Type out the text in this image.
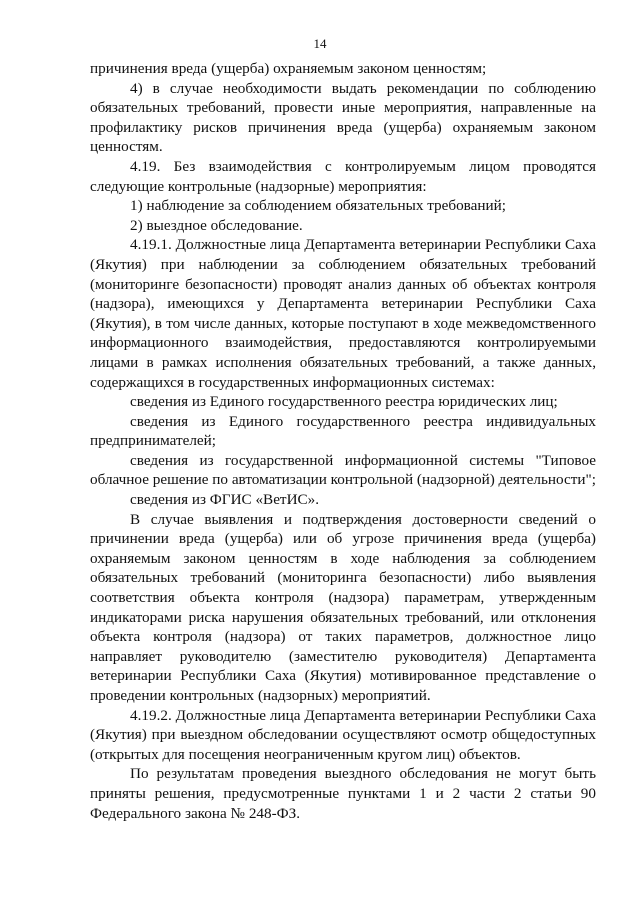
14

причинения вреда (ущерба) охраняемым законом ценностям;

4) в случае необходимости выдать рекомендации по соблюдению обязательных требований, провести иные мероприятия, направленные на профилактику рисков причинения вреда (ущерба) охраняемым законом ценностям.

4.19. Без взаимодействия с контролируемым лицом проводятся следующие контрольные (надзорные) мероприятия:

1) наблюдение за соблюдением обязательных требований;

2) выездное обследование.

4.19.1. Должностные лица Департамента ветеринарии Республики Саха (Якутия) при наблюдении за соблюдением обязательных требований (мониторинге безопасности) проводят анализ данных об объектах контроля (надзора), имеющихся у Департамента ветеринарии Республики Саха (Якутия), в том числе данных, которые поступают в ходе межведомственного информационного взаимодействия, предоставляются контролируемыми лицами в рамках исполнения обязательных требований, а также данных, содержащихся в государственных информационных системах:

сведения из Единого государственного реестра юридических лиц;

сведения из Единого государственного реестра индивидуальных предпринимателей;

сведения из государственной информационной системы "Типовое облачное решение по автоматизации контрольной (надзорной) деятельности";

сведения из ФГИС «ВетИС».

В случае выявления и подтверждения достоверности сведений о причинении вреда (ущерба) или об угрозе причинения вреда (ущерба) охраняемым законом ценностям в ходе наблюдения за соблюдением обязательных требований (мониторинга безопасности) либо выявления соответствия объекта контроля (надзора) параметрам, утвержденным индикаторами риска нарушения обязательных требований, или отклонения объекта контроля (надзора) от таких параметров, должностное лицо направляет руководителю (заместителю руководителя) Департамента ветеринарии Республики Саха (Якутия) мотивированное представление о проведении контрольных (надзорных) мероприятий.

4.19.2. Должностные лица Департамента ветеринарии Республики Саха (Якутия) при выездном обследовании осуществляют осмотр общедоступных (открытых для посещения неограниченным кругом лиц) объектов.

По результатам проведения выездного обследования не могут быть приняты решения, предусмотренные пунктами 1 и 2 части 2 статьи 90 Федерального закона № 248-ФЗ.
